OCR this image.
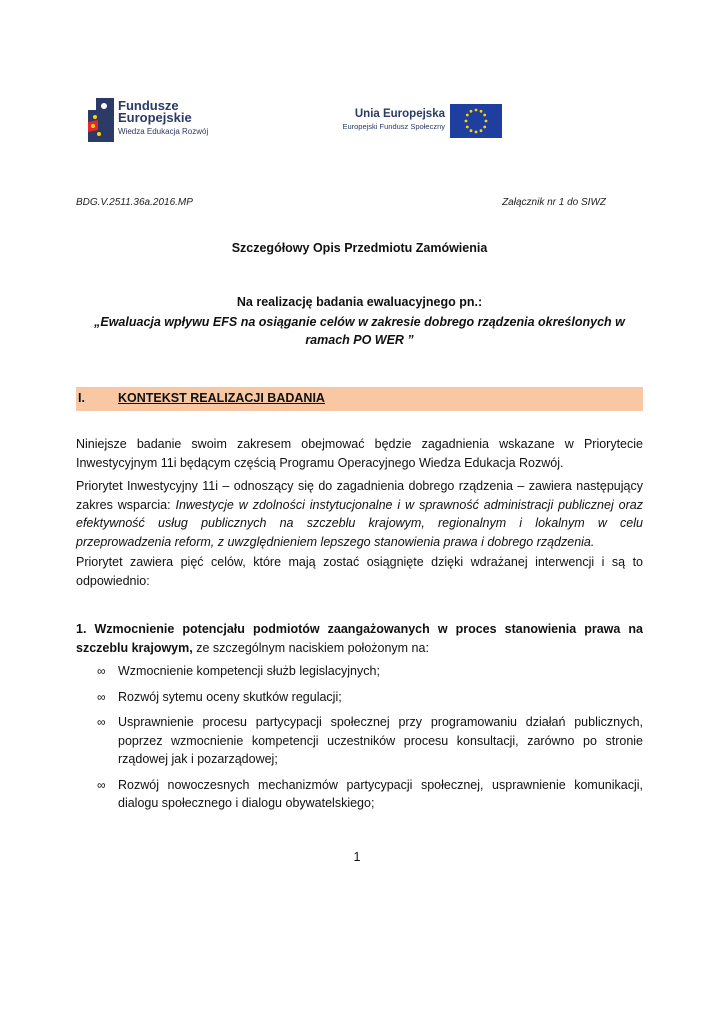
Fundusze
Europejskie
Wiedza Edukacja Rozwój
Unia Europejska
Europejski Fundusz Społeczny
BDG.V.2511.36a.2016.MP	Załącznik nr 1 do SIWZ
Szczegółowy Opis Przedmiotu Zamówienia
Na realizację badania ewaluacyjnego pn.:
„Ewaluacja wpływu EFS na osiąganie celów w zakresie dobrego rządzenia określonych w ramach PO WER ”
I.	KONTEKST REALIZACJI BADANIA

Niniejsze badanie swoim zakresem obejmować będzie zagadnienia wskazane w Priorytecie Inwestycyjnym 11i będącym częścią Programu Operacyjnego Wiedza Edukacja Rozwój.

Priorytet Inwestycyjny 11i – odnoszący się do zagadnienia dobrego rządzenia – zawiera następujący zakres wsparcia: Inwestycje w zdolności instytucjonalne i w sprawność administracji publicznej oraz efektywność usług publicznych na szczeblu krajowym, regionalnym i lokalnym w celu przeprowadzenia reform, z uwzględnieniem lepszego stanowienia prawa i dobrego rządzenia.

Priorytet zawiera pięć celów, które mają zostać osiągnięte dzięki wdrażanej interwencji i są to odpowiednio:

1. Wzmocnienie potencjału podmiotów zaangażowanych w proces stanowienia prawa na szczeblu krajowym, ze szczególnym naciskiem położonym na:

∞ Wzmocnienie kompetencji służb legislacyjnych;
∞ Rozwój sytemu oceny skutków regulacji;
∞ Usprawnienie procesu partycypacji społecznej przy programowaniu działań publicznych, poprzez wzmocnienie kompetencji uczestników procesu konsultacji, zarówno po stronie rządowej jak i pozarządowej;
∞ Rozwój nowoczesnych mechanizmów partycypacji społecznej, usprawnienie komunikacji, dialogu społecznego i dialogu obywatelskiego;
1
